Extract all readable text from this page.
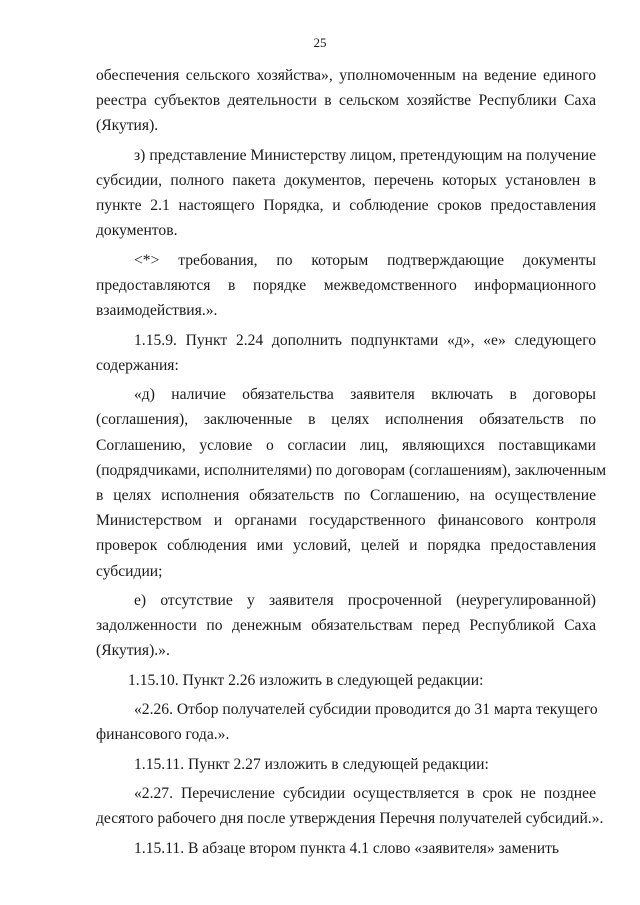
25
обеспечения сельского хозяйства», уполномоченным на ведение единого
реестра субъектов деятельности в сельском хозяйстве Республики Саха
(Якутия).
з) представление Министерству лицом, претендующим на получение
субсидии, полного пакета документов, перечень которых установлен в
пункте 2.1 настоящего Порядка, и соблюдение сроков предоставления
документов.
<*> требования, по которым подтверждающие документы
предоставляются в порядке межведомственного информационного
взаимодействия.».
1.15.9. Пункт 2.24 дополнить подпунктами «д», «е» следующего
содержания:
«д) наличие обязательства заявителя включать в договоры
(соглашения), заключенные в целях исполнения обязательств по
Соглашению, условие о согласии лиц, являющихся поставщиками
(подрядчиками, исполнителями) по договорам (соглашениям), заключенным
в целях исполнения обязательств по Соглашению, на осуществление
Министерством и органами государственного финансового контроля
проверок соблюдения ими условий, целей и порядка предоставления
субсидии;
е) отсутствие у заявителя просроченной (неурегулированной)
задолженности по денежным обязательствам перед Республикой Саха
(Якутия).».
1.15.10. Пункт 2.26 изложить в следующей редакции:
«2.26. Отбор получателей субсидии проводится до 31 марта текущего
финансового года.».
1.15.11. Пункт 2.27 изложить в следующей редакции:
«2.27. Перечисление субсидии осуществляется в срок не позднее
десятого рабочего дня после утверждения Перечня получателей субсидий.».
1.15.11. В абзаце втором пункта 4.1 слово «заявителя» заменить
